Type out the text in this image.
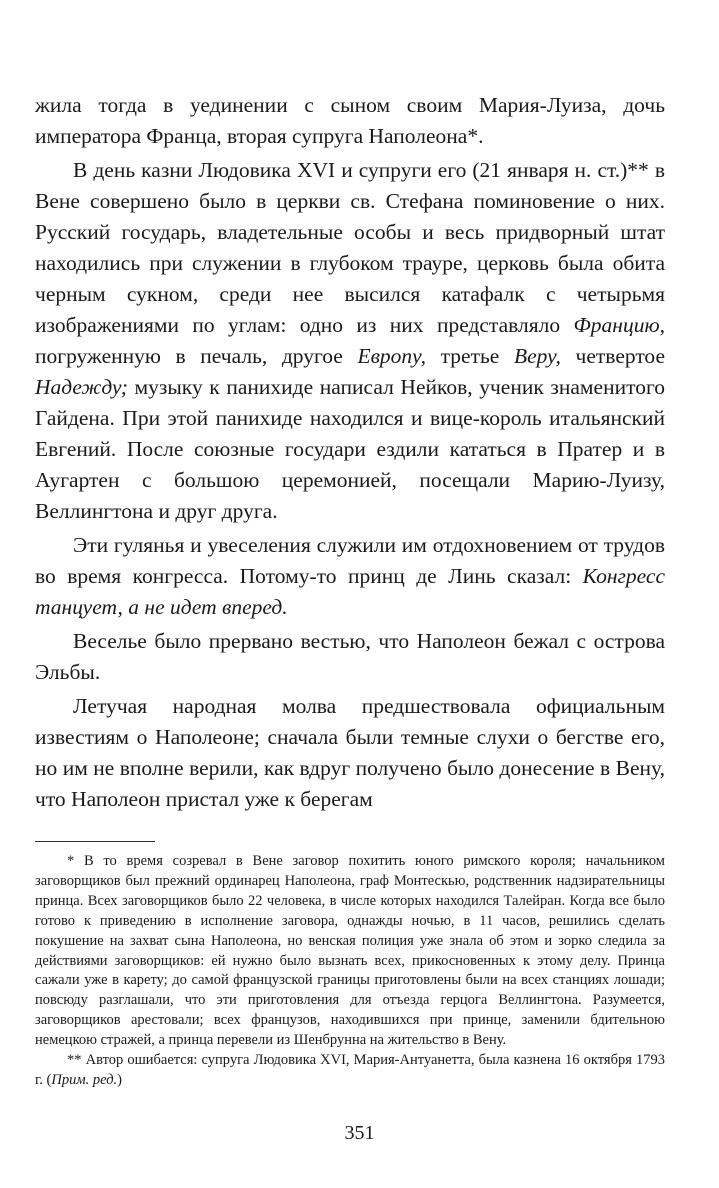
жила тогда в уединении с сыном своим Мария-Луиза, дочь императора Франца, вторая супруга Наполеона*.

В день казни Людовика XVI и супруги его (21 января н. ст.)** в Вене совершено было в церкви св. Стефана поминовение о них. Русский государь, владетельные особы и весь придворный штат находились при служении в глубоком трауре, церковь была обита черным сукном, среди нее высился катафалк с четырьмя изображениями по углам: одно из них представляло Францию, погруженную в печаль, другое Европу, третье Веру, четвертое Надежду; музыку к панихиде написал Нейков, ученик знаменитого Гайдена. При этой панихиде находился и вице-король итальянский Евгений. После союзные государи ездили кататься в Пратер и в Аугартен с большою церемонией, посещали Марию-Луизу, Веллингтона и друг друга.

Эти гулянья и увеселения служили им отдохновением от трудов во время конгресса. Потому-то принц де Линь сказал: Конгресс танцует, а не идет вперед.

Веселье было прервано вестью, что Наполеон бежал с острова Эльбы.

Летучая народная молва предшествовала официальным известиям о Наполеоне; сначала были темные слухи о бегстве его, но им не вполне верили, как вдруг получено было донесение в Вену, что Наполеон пристал уже к берегам

* В то время созревал в Вене заговор похитить юного римского короля; начальником заговорщиков был прежний ординарец Наполеона, граф Монтескью, родственник надзирательницы принца. Всех заговорщиков было 22 человека, в числе которых находился Талейран. Когда все было готово к приведению в исполнение заговора, однажды ночью, в 11 часов, решились сделать покушение на захват сына Наполеона, но венская полиция уже знала об этом и зорко следила за действиями заговорщиков: ей нужно было вызнать всех, прикосновенных к этому делу. Принца сажали уже в карету; до самой французской границы приготовлены были на всех станциях лошади; повсюду разглашали, что эти приготовления для отъезда герцога Веллингтона. Разумеется, заговорщиков арестовали; всех французов, находившихся при принце, заменили бдительною немецкою стражей, а принца перевели из Шенбрунна на жительство в Вену.

** Автор ошибается: супруга Людовика XVI, Мария-Антуанетта, была казнена 16 октября 1793 г. (Прим. ред.)

351
